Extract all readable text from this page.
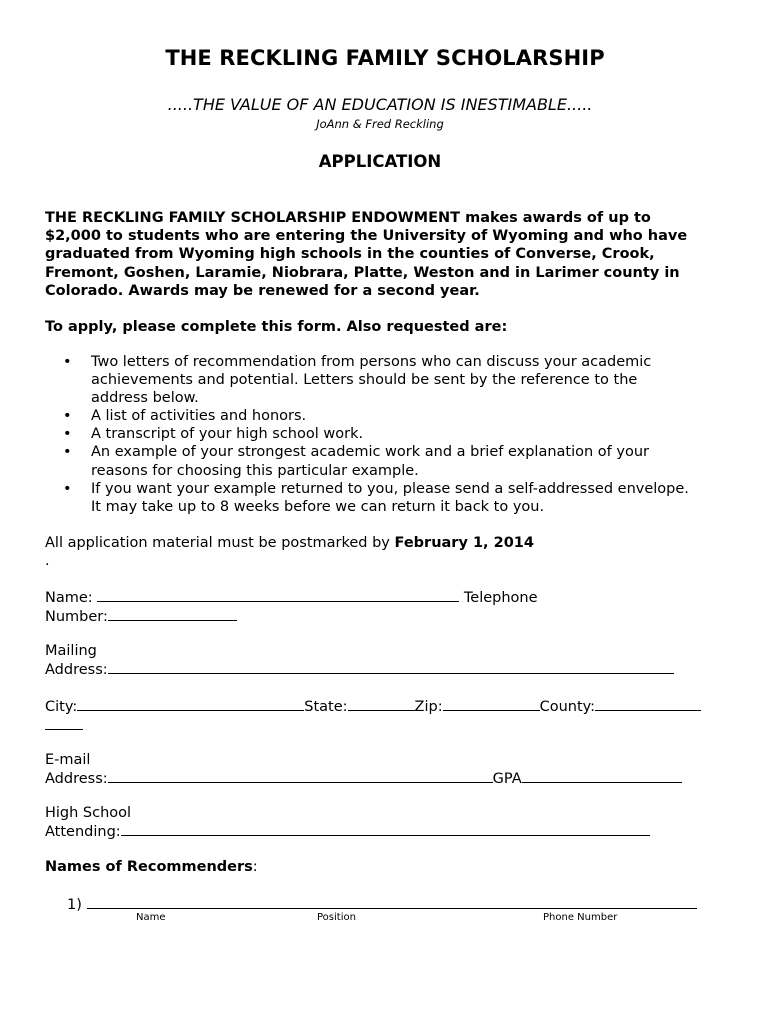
THE RECKLING FAMILY SCHOLARSHIP
.....THE VALUE OF AN EDUCATION IS INESTIMABLE.....
JoAnn & Fred Reckling
APPLICATION
THE RECKLING FAMILY SCHOLARSHIP ENDOWMENT makes awards of up to
$2,000 to students who are entering the University of Wyoming and who have
graduated from Wyoming high schools in the counties of Converse, Crook,
Fremont, Goshen, Laramie, Niobrara, Platte, Weston and in Larimer county in
Colorado. Awards may be renewed for a second year.
To apply, please complete this form. Also requested are:
• Two letters of recommendation from persons who can discuss your academic
achievements and potential. Letters should be sent by the reference to the
address below.
• A list of activities and honors.
• A transcript of your high school work.
• An example of your strongest academic work and a brief explanation of your
reasons for choosing this particular example.
• If you want your example returned to you, please send a self-addressed envelope.
It may take up to 8 weeks before we can return it back to you.
All application material must be postmarked by February 1, 2014
.
Name:	Telephone
Number:
Mailing
Address:
City:	State:	Zip:	County:

E-mail
Address:	GPA
High School
Attending:
Names of Recommenders:
1)
Name	Position	Phone Number
